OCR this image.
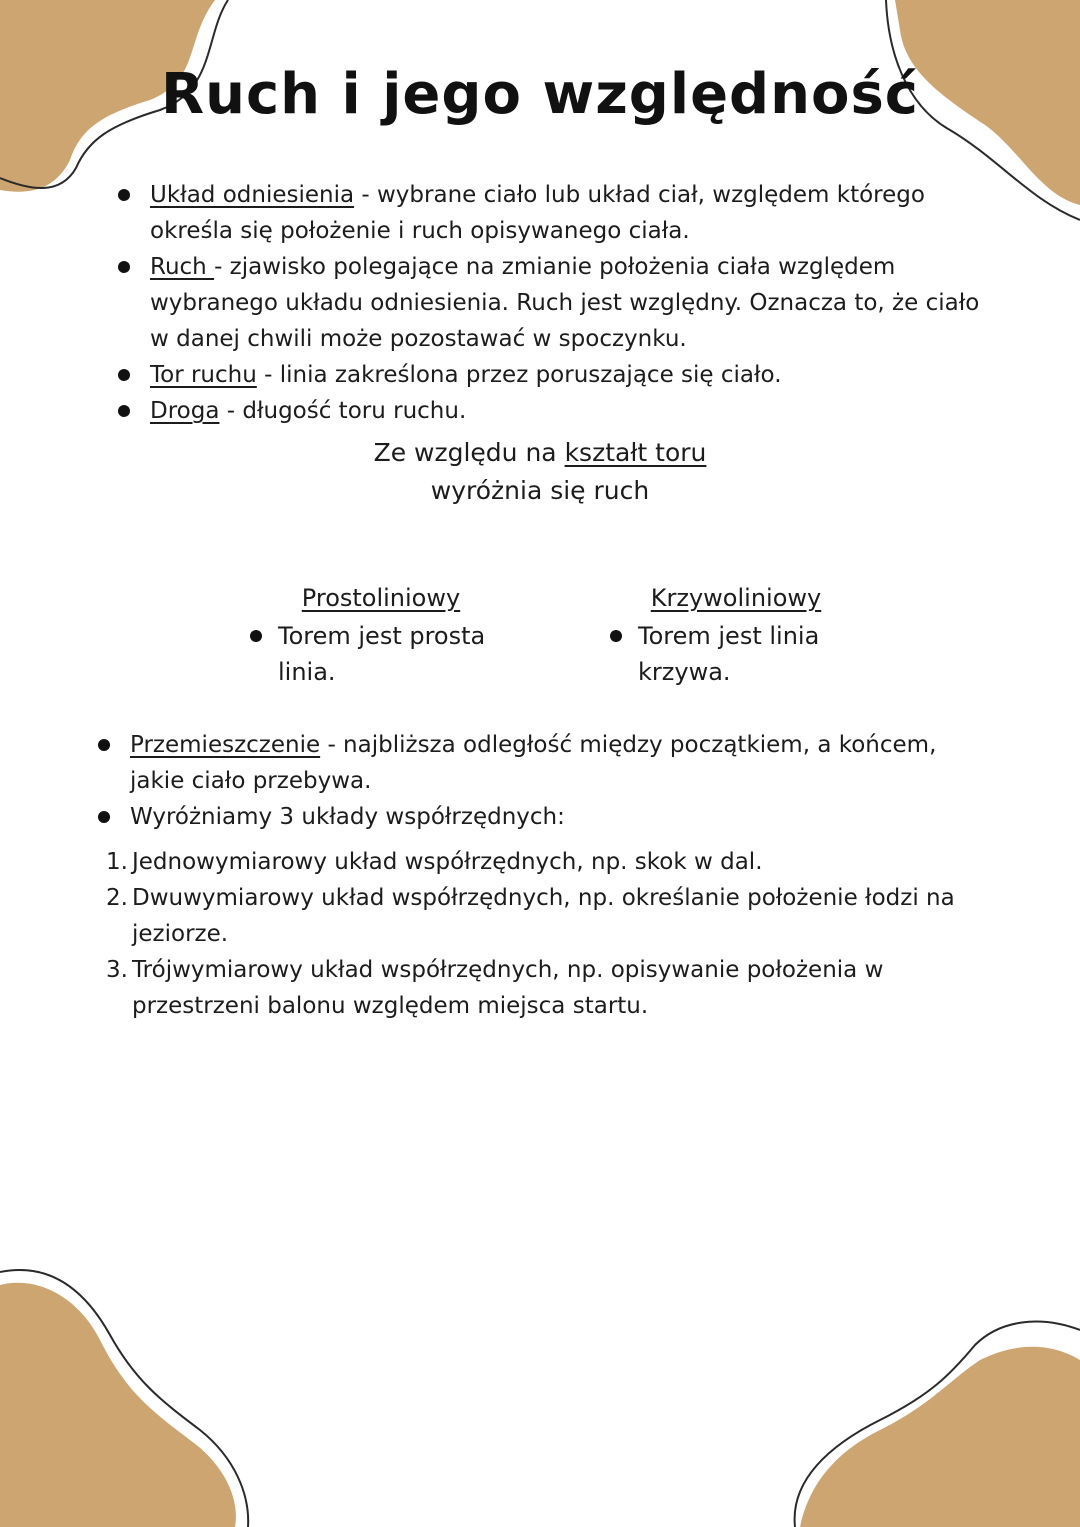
Ruch i jego względność
Układ odniesienia - wybrane ciało lub układ ciał, względem którego określa się położenie i ruch opisywanego ciała.
Ruch - zjawisko polegające na zmianie położenia ciała względem wybranego układu odniesienia. Ruch jest względny. Oznacza to, że ciało w danej chwili może pozostawać w spoczynku.
Tor ruchu - linia zakreślona przez poruszające się ciało.
Droga - długość toru ruchu.
Ze względu na kształt toru
wyróżnia się ruch
Prostoliniowy
Torem jest prosta linia.
Krzywoliniowy
Torem jest linia krzywa.
Przemieszczenie - najbliższa odległość między początkiem, a końcem, jakie ciało przebywa.
Wyróżniamy 3 układy współrzędnych:
1. Jednowymiarowy układ współrzędnych, np. skok w dal.
2. Dwuwymiarowy układ współrzędnych, np. określanie położenie łodzi na jeziorze.
3. Trójwymiarowy układ współrzędnych, np. opisywanie położenia w przestrzeni balonu względem miejsca startu.
